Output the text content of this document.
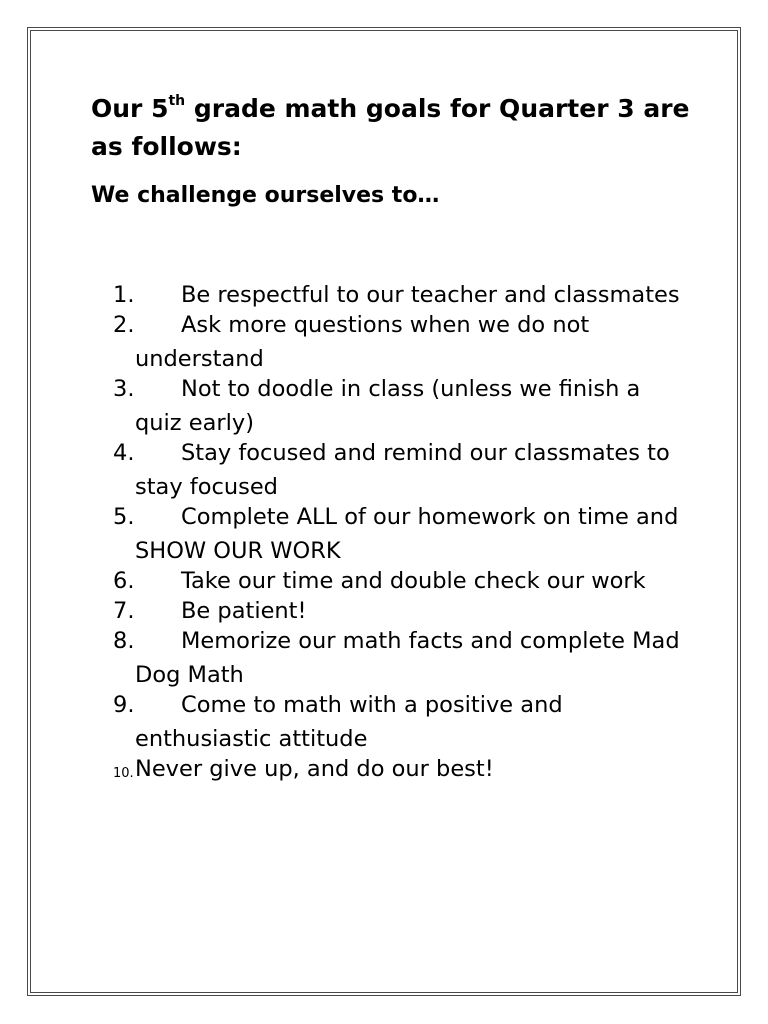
Our 5th grade math goals for Quarter 3 are as follows:
We challenge ourselves to…
1.	Be respectful to our teacher and classmates
2.	Ask more questions when we do not understand
3.	Not to doodle in class (unless we finish a quiz early)
4.	Stay focused and remind our classmates to stay focused
5.	Complete ALL of our homework on time and SHOW OUR WORK
6.	Take our time and double check our work
7.	Be patient!
8.	Memorize our math facts and complete Mad Dog Math
9.	Come to math with a positive and enthusiastic attitude
10. Never give up, and do our best!
